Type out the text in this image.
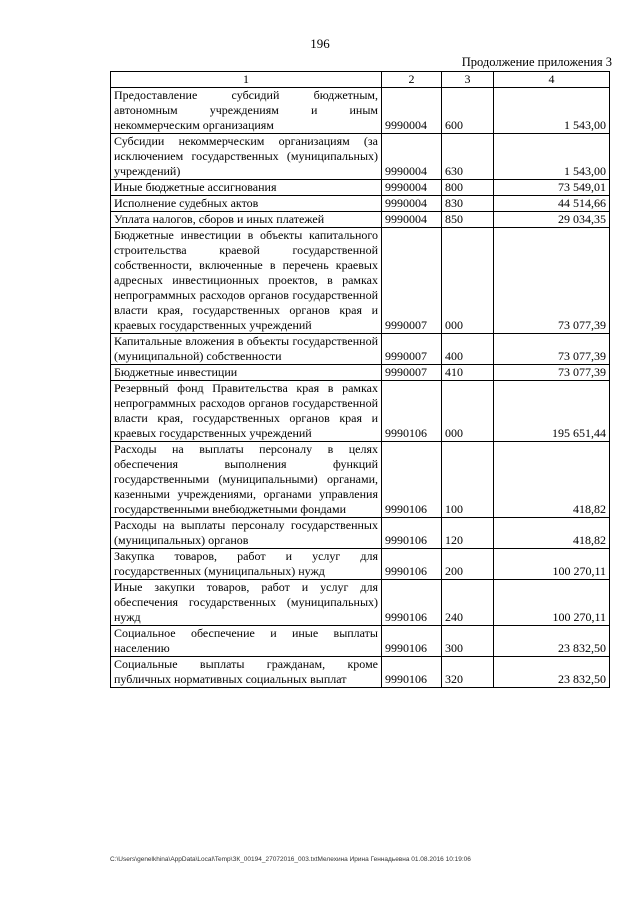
196
Продолжение приложения 3
1	2	3	4
Предоставление субсидий бюджетным, автономным учреждениям и иным некоммерческим организациям	9990004	600	1 543,00
Субсидии некоммерческим организациям (за исключением государственных (муниципальных) учреждений)	9990004	630	1 543,00
Иные бюджетные ассигнования	9990004	800	73 549,01
Исполнение судебных актов	9990004	830	44 514,66
Уплата налогов, сборов и иных платежей	9990004	850	29 034,35
Бюджетные инвестиции в объекты капитального строительства краевой государственной собственности, включенные в перечень краевых адресных инвестиционных проектов, в рамках непрограммных расходов органов государственной власти края, государственных органов края и краевых государственных учреждений	9990007	000	73 077,39
Капитальные вложения в объекты государственной (муниципальной) собственности	9990007	400	73 077,39
Бюджетные инвестиции	9990007	410	73 077,39
Резервный фонд Правительства края в рамках непрограммных расходов органов государственной власти края, государственных органов края и краевых государственных учреждений	9990106	000	195 651,44
Расходы на выплаты персоналу в целях обеспечения выполнения функций государственными (муниципальными) органами, казенными учреждениями, органами управления государственными внебюджетными фондами	9990106	100	418,82
Расходы на выплаты персоналу государственных (муниципальных) органов	9990106	120	418,82
Закупка товаров, работ и услуг для государственных (муниципальных) нужд	9990106	200	100 270,11
Иные закупки товаров, работ и услуг для обеспечения государственных (муниципальных) нужд	9990106	240	100 270,11
Социальное обеспечение и иные выплаты населению	9990106	300	23 832,50
Социальные выплаты гражданам, кроме публичных нормативных социальных выплат	9990106	320	23 832,50
C:\Users\genelkhina\AppData\Local\Temp\ЗК_00194_27072016_003.txtМелехина Ирина Геннадьевна 01.08.2016 10:19:06
